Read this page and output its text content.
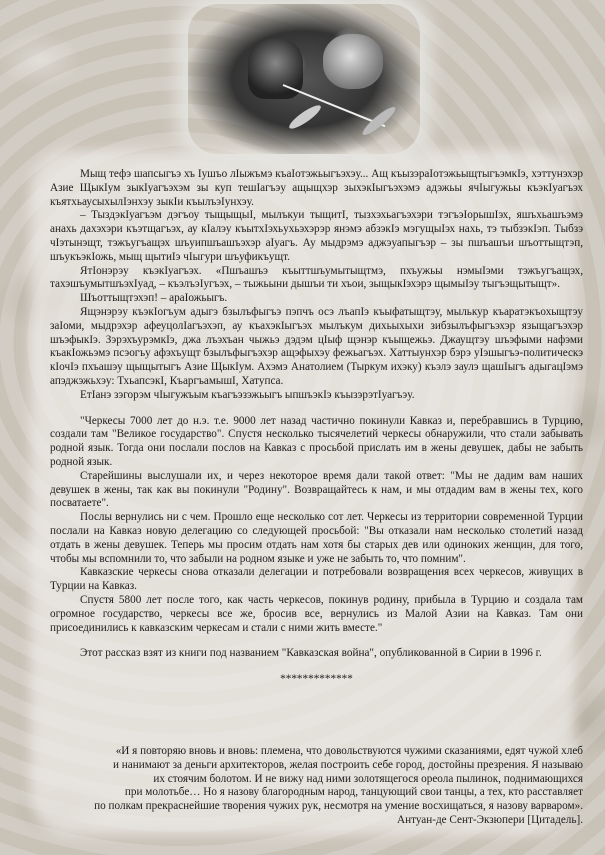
Мыщ тефэ шапсыгъэ хъ Іушъо лІыжъмэ къаІотэжьыгъэхэу... Ащ къызэраІотэжьыщтыгъэмкІэ, хэттунэхэр Азие ЩыкІум зыкІуагъэхэм зы куп тешІагъэу ащыщхэр зыхэкІыгъэхэмэ адэжьы ячІыгужьы къэкІуагъэх къятхьаусыхылІэнхэу зыкІи къылъэІунхэу.

– ТыздэкІуагъэм дэгъоу тыщыщыІ, мылъкуи тыщитІ, тызхэхьагъэхэри тэгъэІорышІэх, яшъхьашъэмэ анахь дахэхэри къэтщагъэх, ау кІалэу къытхІэхьухьэхэрэр янэмэ абзэкІэ мэгущыІэх нахь, тэ тыбзэкІэп. Тыбзэ чІэтынэщт, тэжъугъащэх шъуипшъашъэхэр аІуагъ. Ау мыдрэмэ аджэуапыгъэр – зы пшъашъи шъоттыщтэп, шъукъэкІожь, мыщ щытиІэ чІыгури шъуфикъущт.

ЯтІонэрэу къэкІуагъэх. «Пшъашъэ къыттшъумытыщтмэ, пхъужьы нэмыІэми тэжъугъащэх, тахэшъумытшъэхІуад, – къэлъэІугъэх, – тыжьыни дышъи ти хъои, зыщыкІэхэрэ щымыІэу тыгъэщытыщт».

Шъоттыщтэхэп! – араІожьыгъ.

Ящэнэрэу къэкІогъум адыгэ бзылъфыгъэ пэпчъ осэ лъапІэ къыфатыщтэу, мылькур къаратэкъохыщтэу заІоми, мыдрэхэр афеуцолІагъэхэп, ау къахэкІыгъэх мылъкум дихьыхыхи зибзылъфыгъэхэр языщагъэхэр шъэфыкІэ. ЗэрэхъурэмкІэ, джа лъэхъан чыжьэ дэдэм цІыф щэнэр къыщежьэ. Джаущтэу шъэфыми нафэми къакІожьэмэ псэогъу афэхъущт бзылъфыгъэхэр ащэфыхэу фежьагъэх. Хаттыунхэр бэрэ уІэшыгъэ-политическэ кІочІэ пхъашэу щыщытыгъ Азие ЩыкІум. Ахэмэ Анатолием (Тыркум ихэку) къэлэ заулэ щашІыгъ адыгацІэмэ апэджэжьхэу: ТхьапсэкІ, КъаргъамышІ, Хатупса.

ЕтІанэ зэгорэм чІыгужъым къагъэзэжьыгъ ыпшъэкІэ къызэрэтІуагъэу.

"Черкесы 7000 лет до н.э. т.е. 9000 лет назад частично покинули Кавказ и, перебравшись в Турцию, создали там "Великое государство". Спустя несколько тысячелетий черкесы обнаружили, что стали забывать родной язык. Тогда они послали послов на Кавказ с просьбой прислать им в жены девушек, дабы не забыть родной язык.

Старейшины выслушали их, и через некоторое время дали такой ответ: "Мы не дадим вам наших девушек в жены, так как вы покинули "Родину". Возвращайтесь к нам, и мы отдадим вам в жены тех, кого посватаете".

Послы вернулись ни с чем. Прошло еще несколько сот лет. Черкесы из территории современной Турции послали на Кавказ новую делегацию со следующей просьбой: "Вы отказали нам несколько столетий назад отдать в жены девушек. Теперь мы просим отдать нам хотя бы старых дев или одиноких женщин, для того, чтобы мы вспомнили то, что забыли на родном языке и уже не забыть то, что помним".

Кавказские черкесы снова отказали делегации и потребовали возвращения всех черкесов, живущих в Турции на Кавказ.

Спустя 5800 лет после того, как часть черкесов, покинув родину, прибыла в Турцию и создала там огромное государство, черкесы все же, бросив все, вернулись из Малой Азии на Кавказ. Там они присоединились к кавказским черкесам и стали с ними жить вместе."

Этот рассказ взят из книги под названием "Кавказская война", опубликованной в Сирии в 1996 г.

*************

«И я повторяю вновь и вновь: племена, что довольствуются чужими сказаниями, едят чужой хлеб

и нанимают за деньги архитекторов, желая построить себе город, достойны презрения. Я называю

их стоячим болотом. И не вижу над ними золотящегося ореола пылинок, поднимающихся

при молотьбе… Но я назову благородным народ, танцующий свои танцы, а тех, кто расставляет

по полкам прекраснейшие творения чужих рук, несмотря на умение восхищаться, я назову варваром».

Антуан-де Сент-Экзюпери [Цитадель].
